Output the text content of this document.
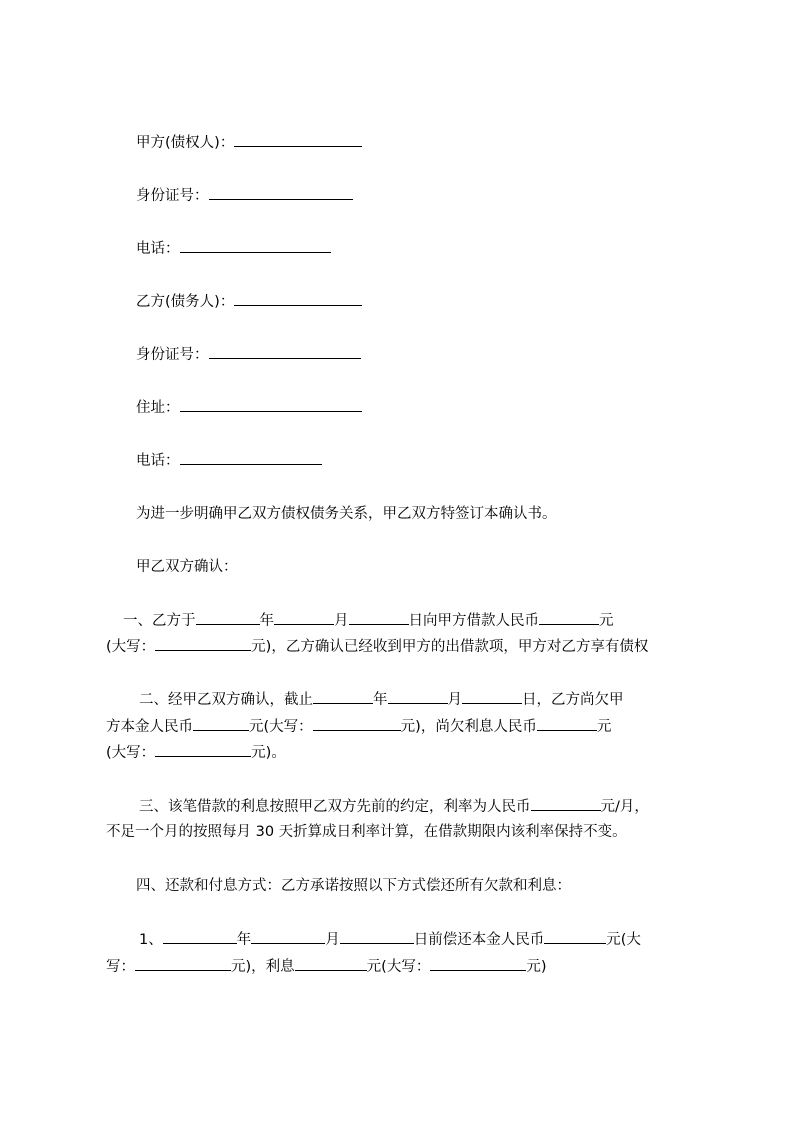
甲方(债权人)：
身份证号：
电话：
乙方(债务人)：
身份证号：
住址：
电话：
为进一步明确甲乙双方债权债务关系，甲乙双方特签订本确认书。
甲乙双方确认：
一、乙方于	年	月	日向甲方借款人民币	元
(大写：	元)，乙方确认已经收到甲方的出借款项，甲方对乙方享有债权
二、经甲乙双方确认，截止	年	月	日，乙方尚欠甲
方本金人民币	元(大写：	元)，尚欠利息人民币	元
(大写：	元)。
三、该笔借款的利息按照甲乙双方先前的约定，利率为人民币	元/月，
不足一个月的按照每月 30 天折算成日利率计算，在借款期限内该利率保持不变。
四、还款和付息方式：乙方承诺按照以下方式偿还所有欠款和利息：
1、	年	月	日前偿还本金人民币	元(大
写：	元)，利息	元(大写：	元)
